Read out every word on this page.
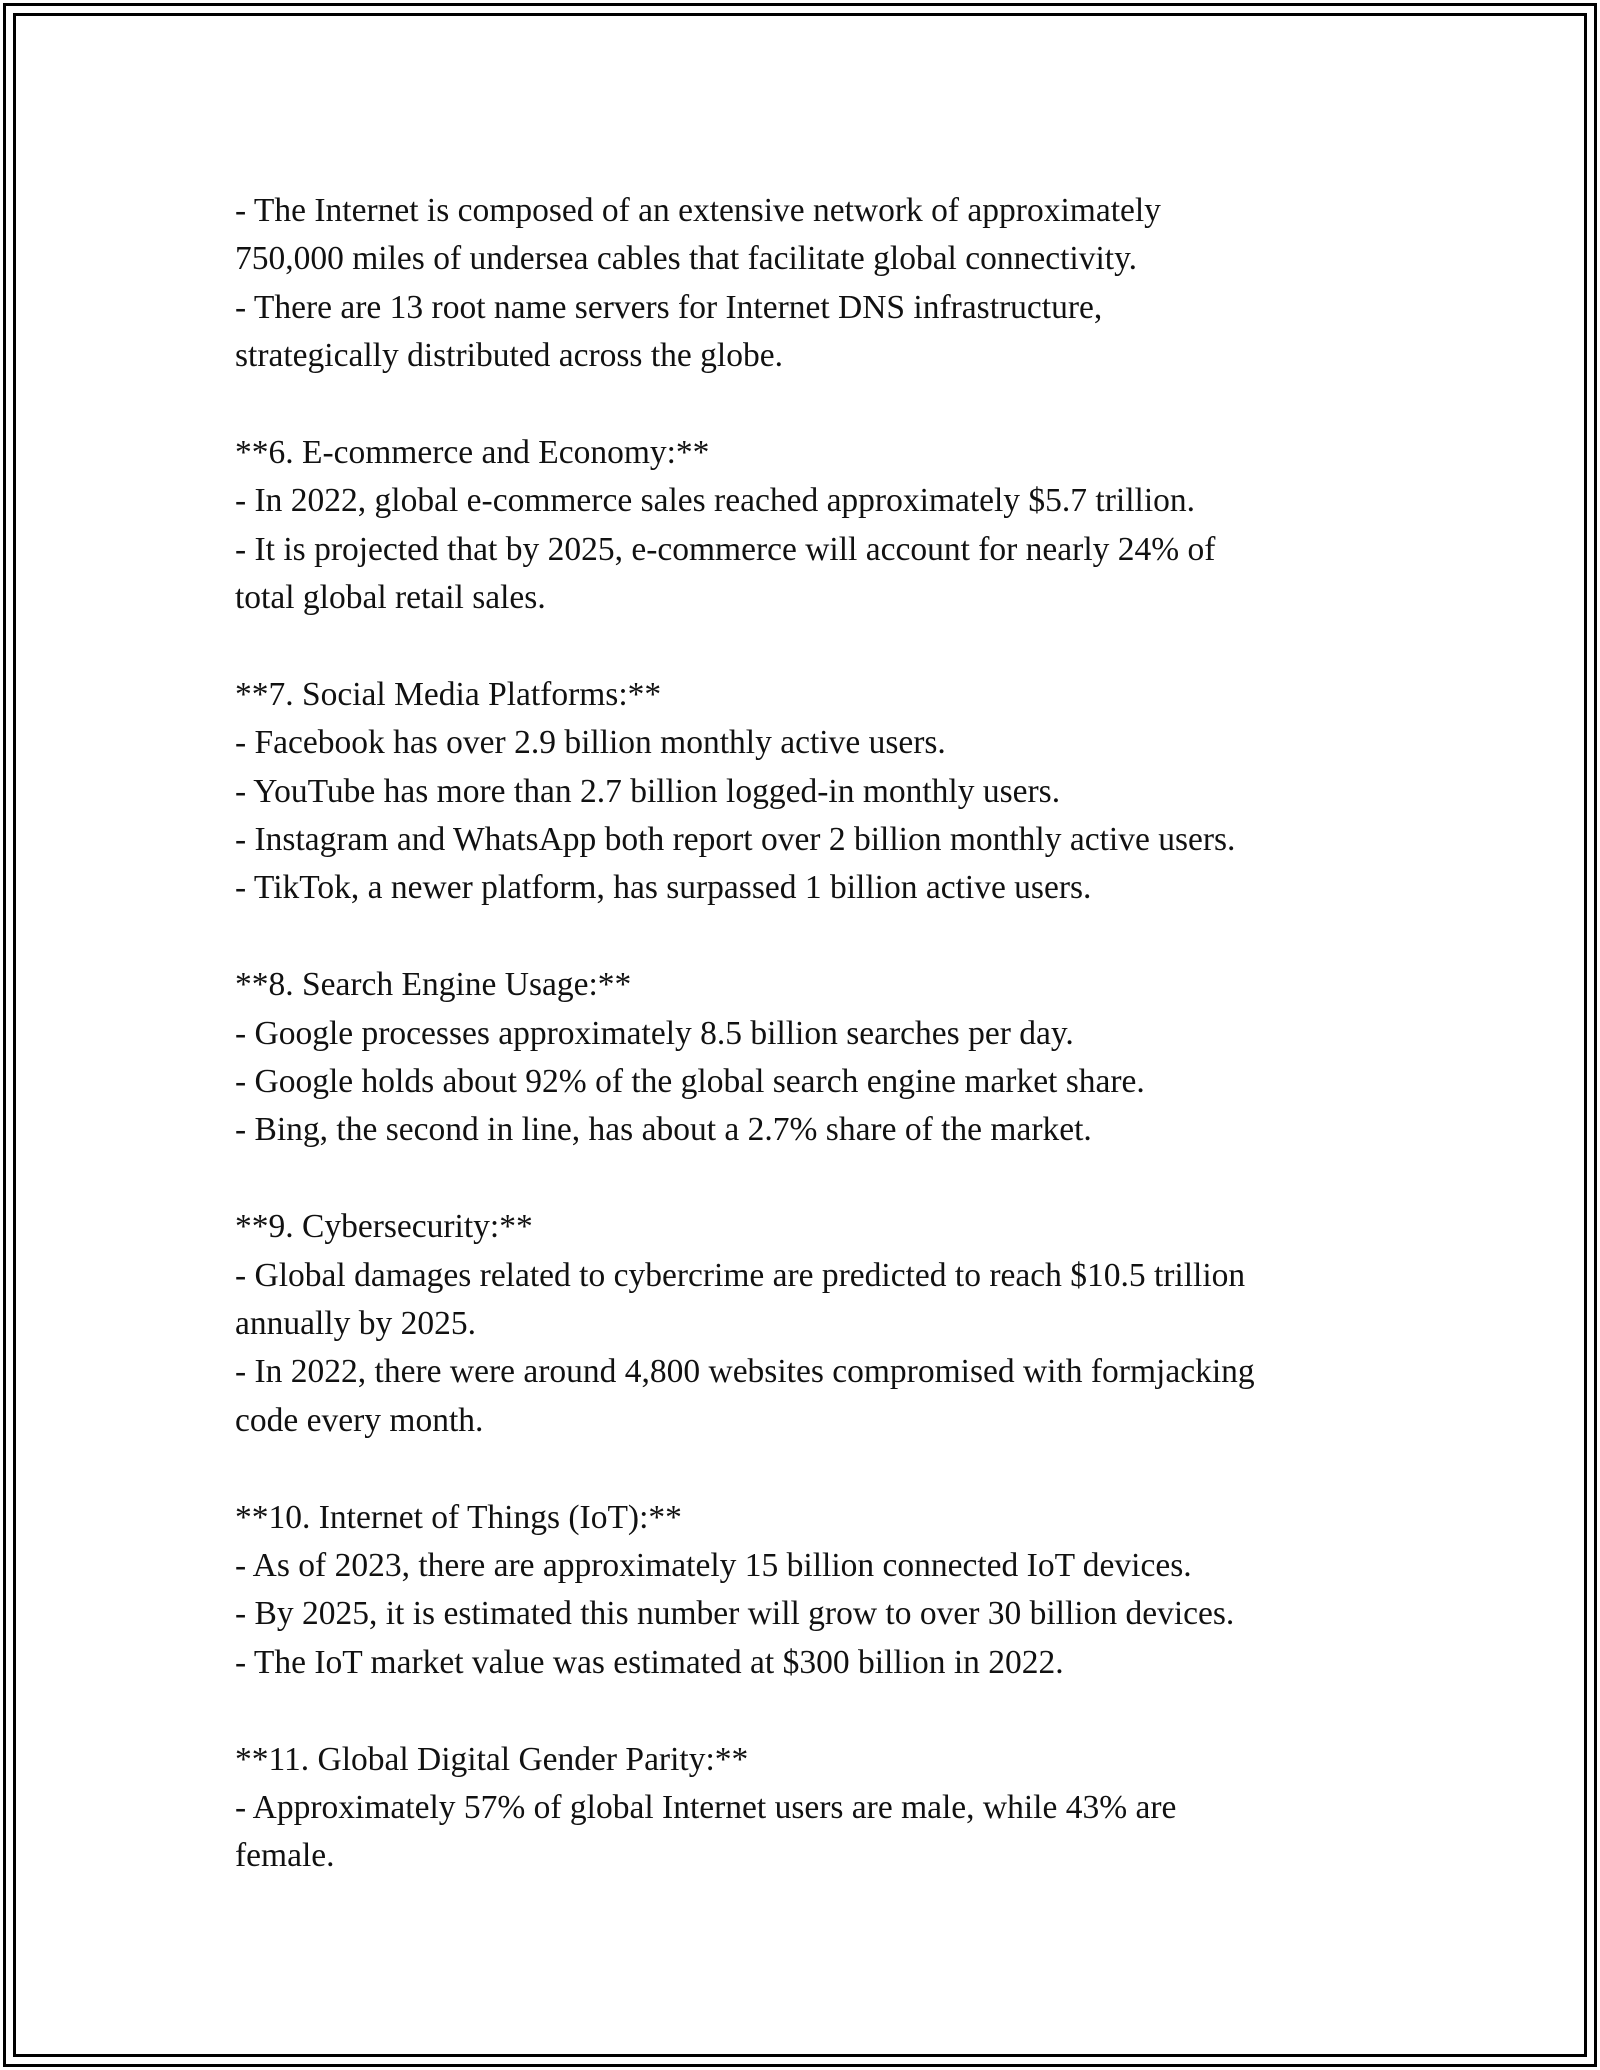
- The Internet is composed of an extensive network of approximately
750,000 miles of undersea cables that facilitate global connectivity.
- There are 13 root name servers for Internet DNS infrastructure,
strategically distributed across the globe.
**6. E-commerce and Economy:**
- In 2022, global e-commerce sales reached approximately $5.7 trillion.
- It is projected that by 2025, e-commerce will account for nearly 24% of
total global retail sales.
**7. Social Media Platforms:**
- Facebook has over 2.9 billion monthly active users.
- YouTube has more than 2.7 billion logged-in monthly users.
- Instagram and WhatsApp both report over 2 billion monthly active users.
- TikTok, a newer platform, has surpassed 1 billion active users.
**8. Search Engine Usage:**
- Google processes approximately 8.5 billion searches per day.
- Google holds about 92% of the global search engine market share.
- Bing, the second in line, has about a 2.7% share of the market.
**9. Cybersecurity:**
- Global damages related to cybercrime are predicted to reach $10.5 trillion
annually by 2025.
- In 2022, there were around 4,800 websites compromised with formjacking
code every month.
**10. Internet of Things (IoT):**
- As of 2023, there are approximately 15 billion connected IoT devices.
- By 2025, it is estimated this number will grow to over 30 billion devices.
- The IoT market value was estimated at $300 billion in 2022.
**11. Global Digital Gender Parity:**
- Approximately 57% of global Internet users are male, while 43% are
female.
